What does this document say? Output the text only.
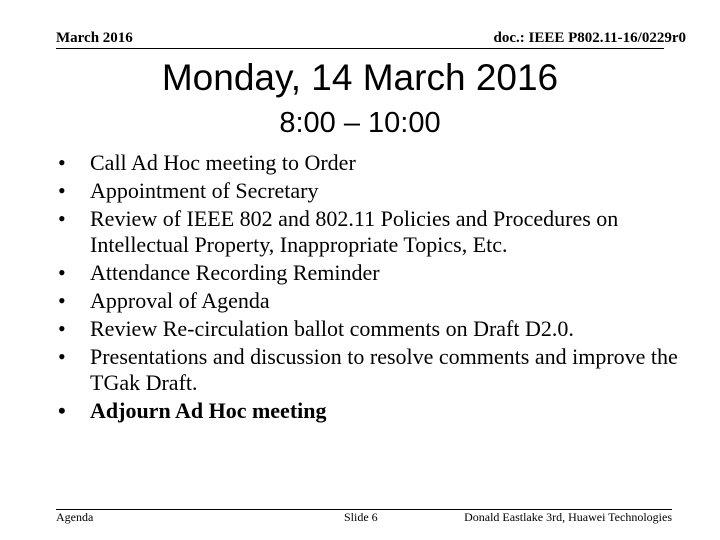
March 2016	doc.: IEEE P802.11-16/0229r0
Monday, 14 March 2016
8:00 – 10:00
•	Call Ad Hoc meeting to Order
•	Appointment of Secretary
•	Review of IEEE 802 and 802.11 Policies and Procedures on Intellectual Property, Inappropriate Topics, Etc.
•	Attendance Recording Reminder
•	Approval of Agenda
•	Review Re-circulation ballot comments on Draft D2.0.
•	Presentations and discussion to resolve comments and improve the TGak Draft.
•	Adjourn Ad Hoc meeting
Agenda	Slide 6	Donald Eastlake 3rd, Huawei Technologies
